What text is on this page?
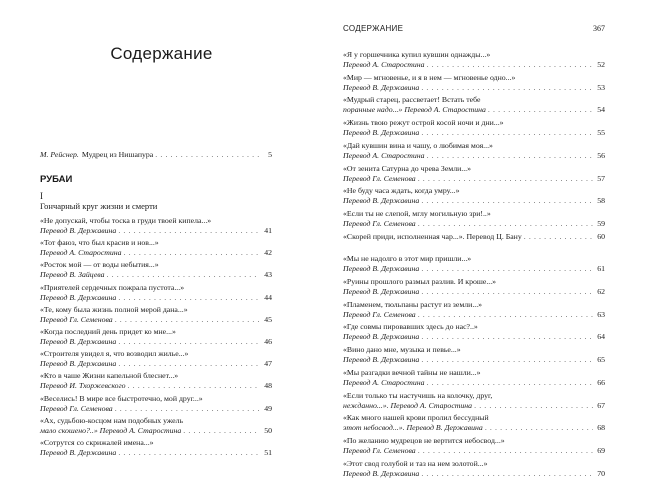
Содержание
М. Рейснер. Мудрец из Нишапура . . .	5
РУБАИ
I
Гончарный круг жизни и смерти
«Не допускай, чтобы тоска в груди твоей кипела...»
Перевод В. Державина . . .	41
«Тот фаюз, что был красив и нов...»
Перевод А. Старостина . . .	42
«Росток мой — от воды небытия...»
Перевод В. Зайцева . . .	43
«Приятелей сердечных пожрала пустота...»
Перевод В. Державина . . .	44
«Те, кому была жизнь полной мерой дана...»
Перевод Гл. Семенова . . .	45
«Когда последний день придет ко мне...»
Перевод В. Державина . . .	46
«Строителя увидел я, что возводил жилье...»
Перевод В. Державина . . .	47
«Кто в чаше Жизни капельной блеснет...»
Перевод И. Тхоржевского . . .	48
«Веселись! В мире все быстротечно, мой друг...»
Перевод Гл. Семенова . . .	49
«Ах, судьбою-косцом нам подобных ужель
мало скошено?..» Перевод А. Старостина . . .	50
«Сотрутся со скрижалей имена...»
Перевод В. Державина . . .	51
СОДЕРЖАНИЕ	367
«Я у горшечника купил кувшин однажды...»
Перевод А. Старостина . . .	52
«Мир — мгновенье, и я в нем — мгновенье одно...»
Перевод В. Державина . . .	53
«Мудрый старец, рассветает! Встать тебе
поранные надо...» Перевод А. Старостина . . .	54
«Жизнь твою режут острой косой ночи и дни...»
Перевод В. Державина . . .	55
«Дай кувшин вина и чашу, о любимая моя...»
Перевод А. Старостина . . .	56
«От зенита Сатурна до чрева Земли...»
Перевод Гл. Семенова . . .	57
«Не буду часа ждать, когда умру...»
Перевод В. Державина . . .	58
«Если ты не слепой, мглу могильную зри!..»
Перевод Гл. Семенова . . .	59
«Скорей приди, исполненная чар...». Перевод Ц. Бану . . .	60
«Мы не надолго в этот мир пришли...»
Перевод В. Державина . . .	61
«Руины прошлого размыл разлив. И кроше...»
Перевод В. Державина . . .	62
«Пламенем, тюльпаны растут из земли...»
Перевод Гл. Семенова . . .	63
«Где совмы пировавших здесь до нас?..»
Перевод В. Державина . . .	64
«Вино дано мне, музыка и певье...»
Перевод В. Державина . . .	65
«Мы разгадки вечной тайны не нашли...»
Перевод А. Старостина . . .	66
«Если только ты настучишь на колочку, друг,
нежданно...». Перевод А. Старостина . . .	67
«Как много нашей крови пролил бессудный
этот небосвод...». Перевод В. Державина . . .	68
«По желанию мудрецов не вертится небосвод...»
Перевод Гл. Семенова . . .	69
«Этот свод голубой и таз на нем золотой...»
Перевод В. Державина . . .	70
